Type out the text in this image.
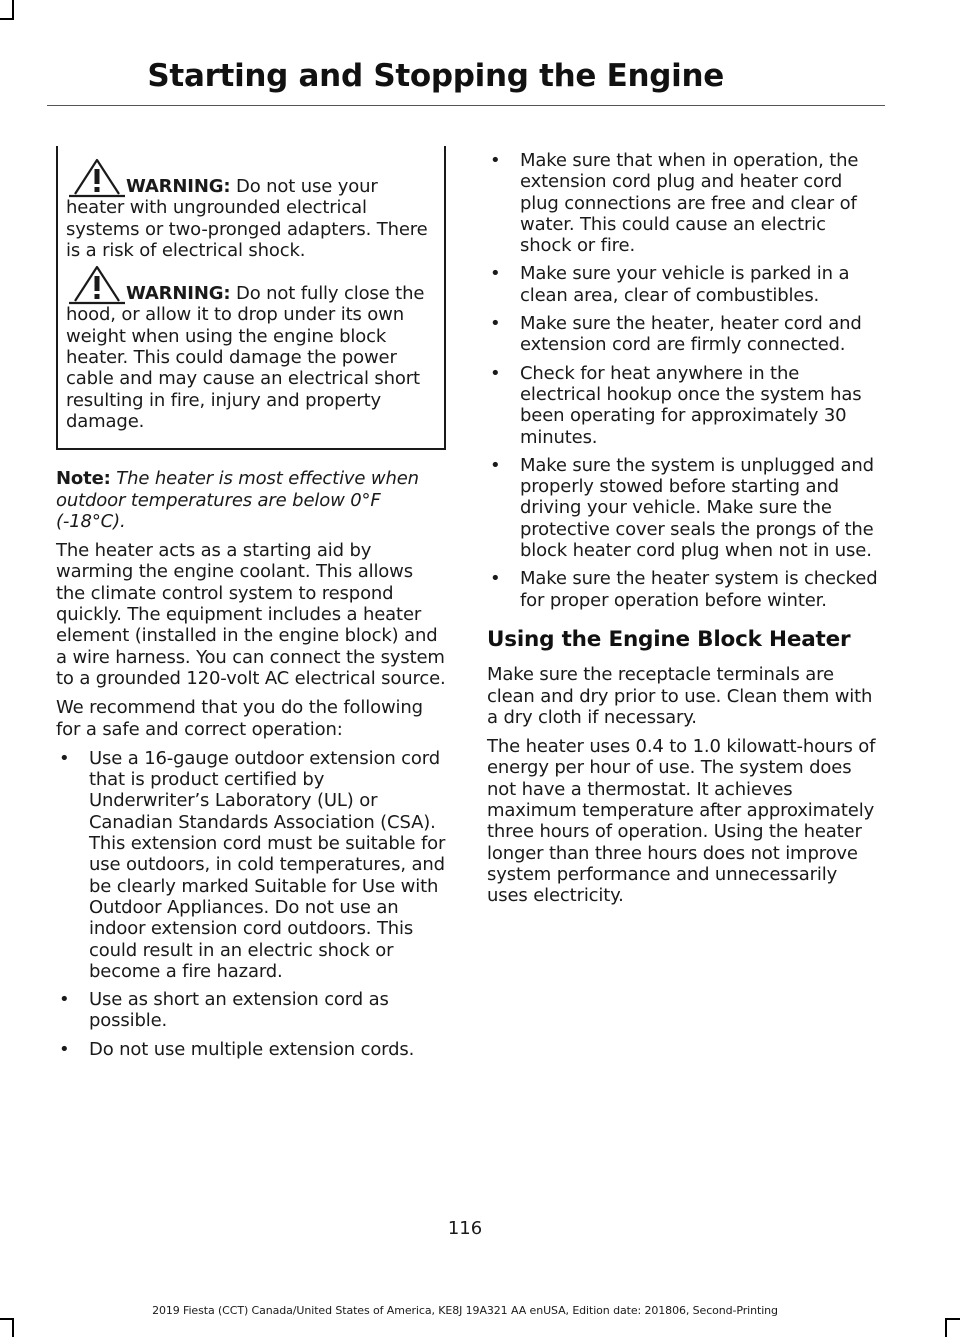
Starting and Stopping the Engine
WARNING: Do not use your heater with ungrounded electrical systems or two-pronged adapters. There is a risk of electrical shock.
WARNING: Do not fully close the hood, or allow it to drop under its own weight when using the engine block heater. This could damage the power cable and may cause an electrical short resulting in fire, injury and property damage.

Note: The heater is most effective when outdoor temperatures are below 0°F (-18°C).

The heater acts as a starting aid by warming the engine coolant. This allows the climate control system to respond quickly. The equipment includes a heater element (installed in the engine block) and a wire harness. You can connect the system to a grounded 120-volt AC electrical source.

We recommend that you do the following for a safe and correct operation:

• Use a 16-gauge outdoor extension cord that is product certified by Underwriter’s Laboratory (UL) or Canadian Standards Association (CSA). This extension cord must be suitable for use outdoors, in cold temperatures, and be clearly marked Suitable for Use with Outdoor Appliances. Do not use an indoor extension cord outdoors. This could result in an electric shock or become a fire hazard.
• Use as short an extension cord as possible.
• Do not use multiple extension cords.
• Make sure that when in operation, the extension cord plug and heater cord plug connections are free and clear of water. This could cause an electric shock or fire.
• Make sure your vehicle is parked in a clean area, clear of combustibles.
• Make sure the heater, heater cord and extension cord are firmly connected.
• Check for heat anywhere in the electrical hookup once the system has been operating for approximately 30 minutes.
• Make sure the system is unplugged and properly stowed before starting and driving your vehicle. Make sure the protective cover seals the prongs of the block heater cord plug when not in use.
• Make sure the heater system is checked for proper operation before winter.
Using the Engine Block Heater

Make sure the receptacle terminals are clean and dry prior to use. Clean them with a dry cloth if necessary.

The heater uses 0.4 to 1.0 kilowatt-hours of energy per hour of use. The system does not have a thermostat. It achieves maximum temperature after approximately three hours of operation. Using the heater longer than three hours does not improve system performance and unnecessarily uses electricity.

116
2019 Fiesta (CCT) Canada/United States of America, KE8J 19A321 AA enUSA, Edition date: 201806, Second-Printing
